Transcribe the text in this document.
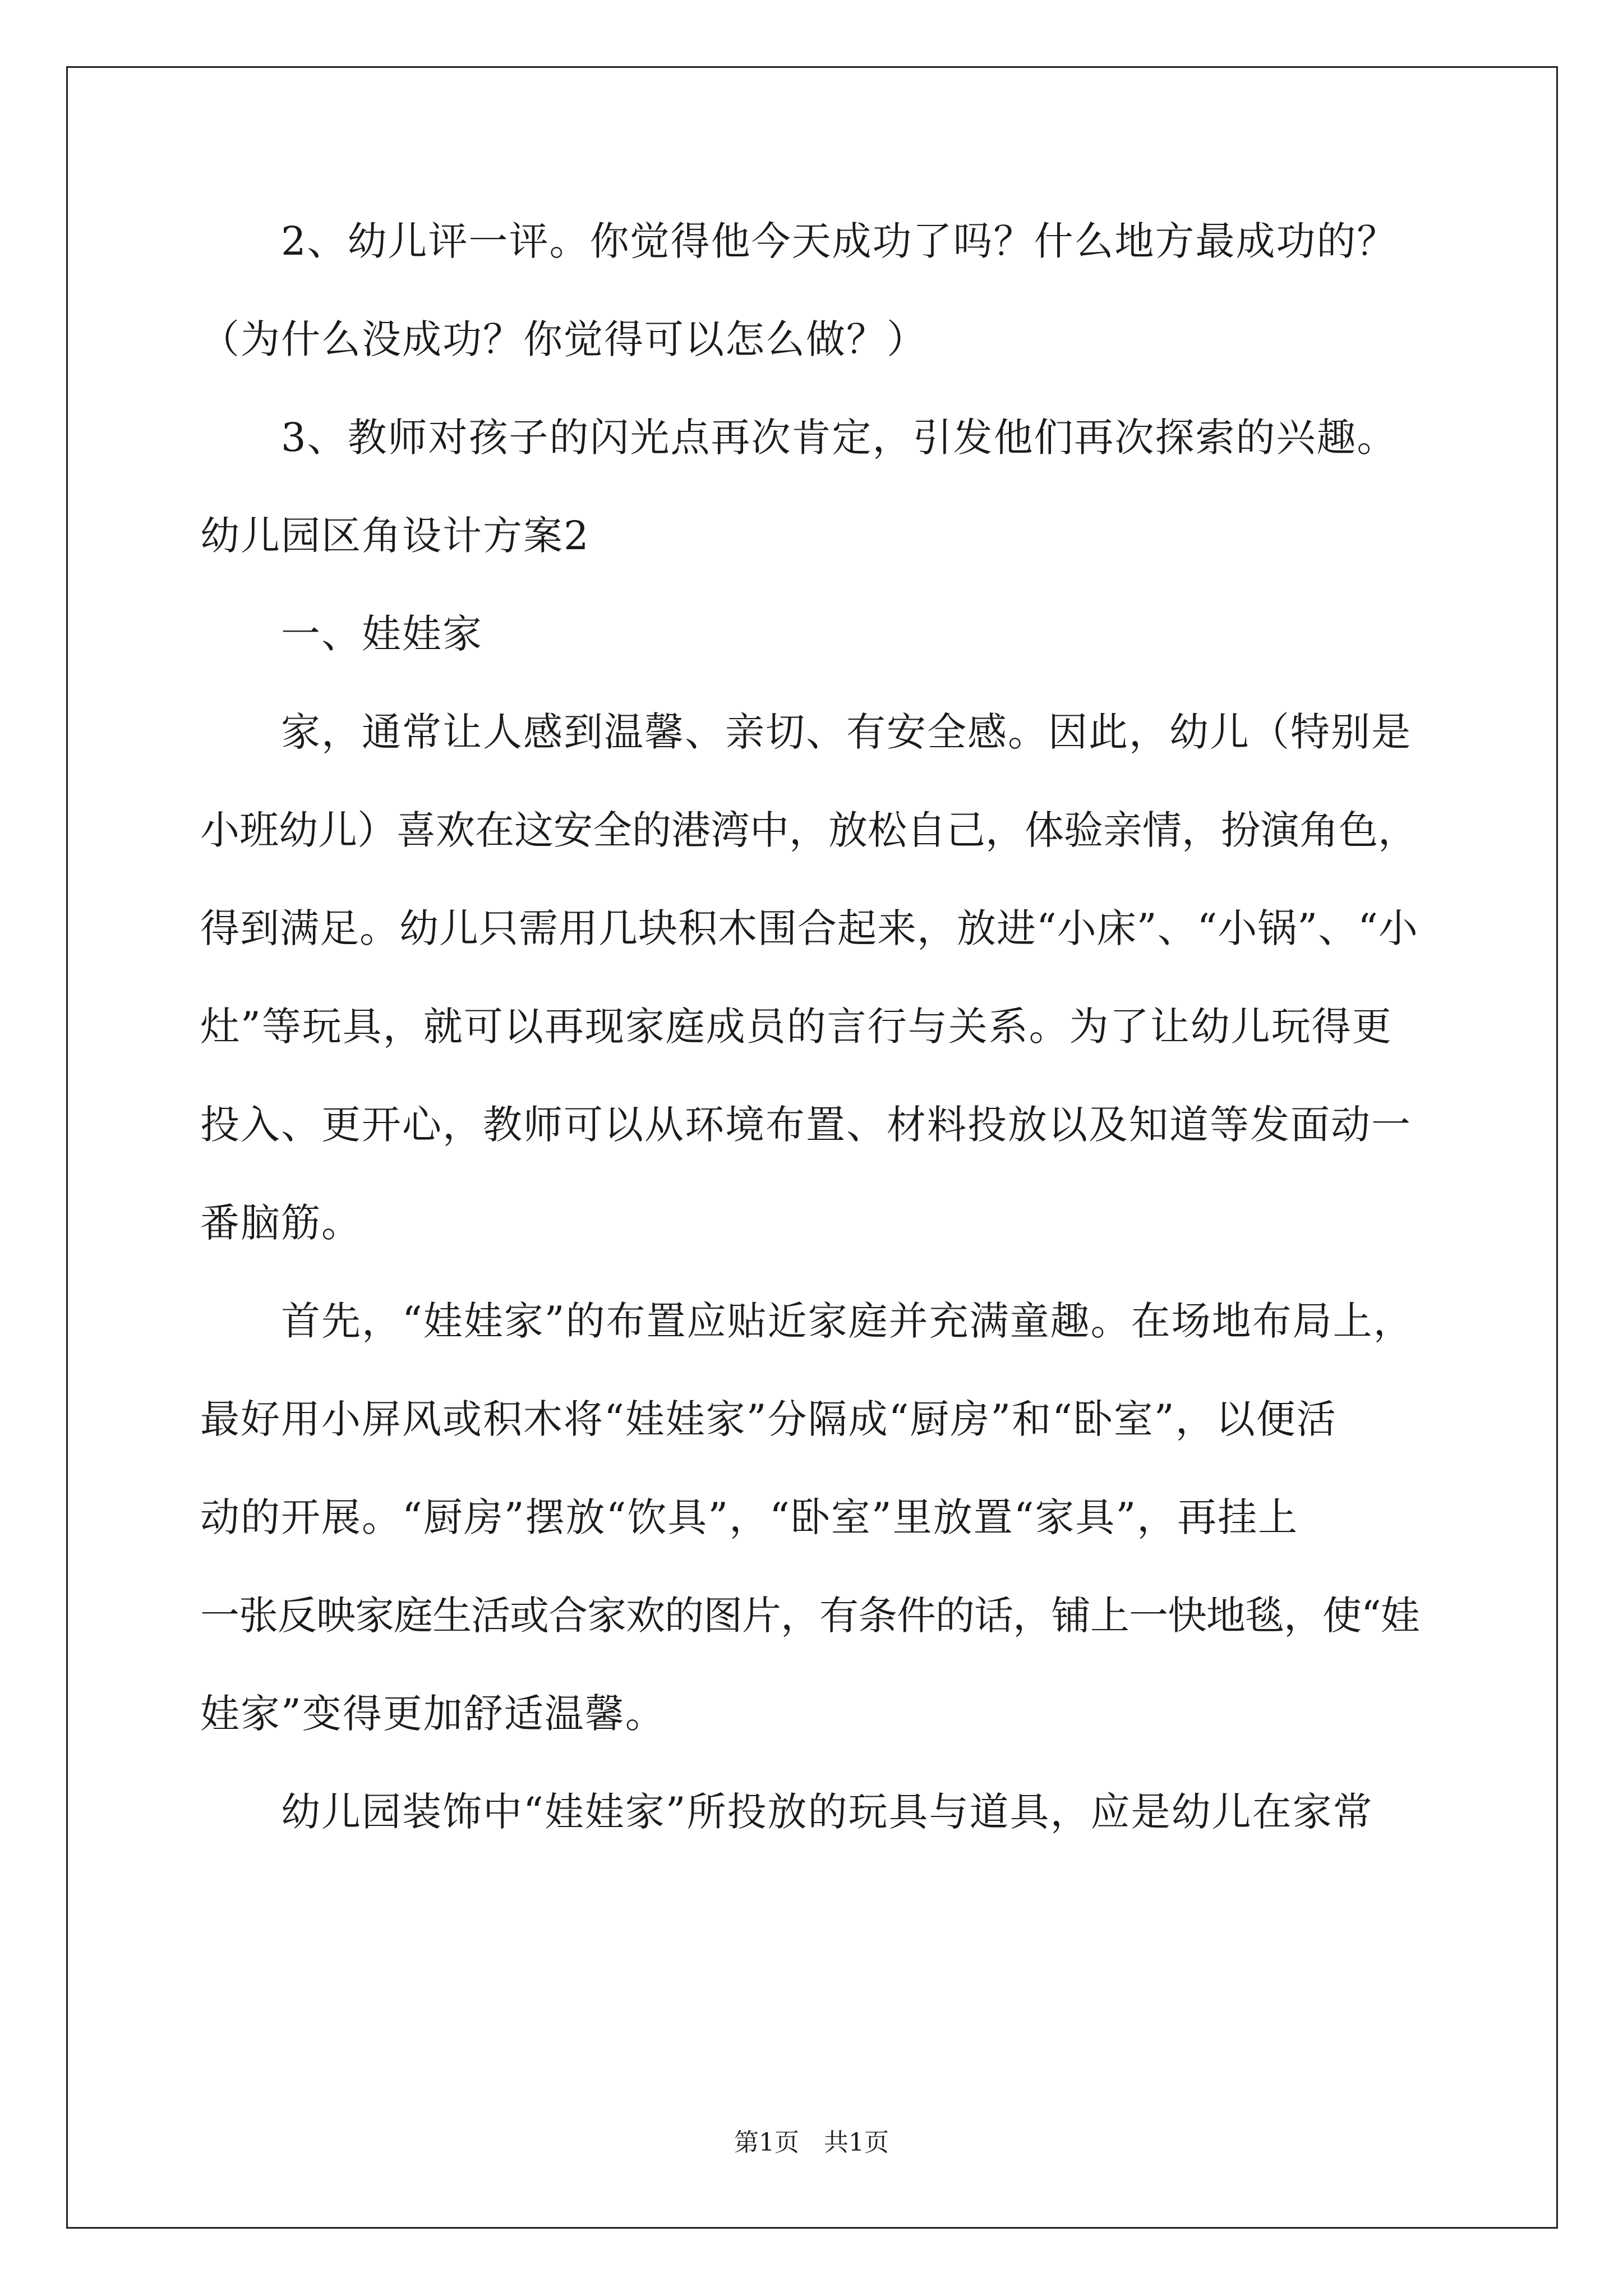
　　2、幼儿评一评。你觉得他今天成功了吗？什么地方最成功的？
（为什么没成功？你觉得可以怎么做？）
　　3、教师对孩子的闪光点再次肯定，引发他们再次探索的兴趣。
幼儿园区角设计方案2
　　一、娃娃家
　　家，通常让人感到温馨、亲切、有安全感。因此，幼儿（特别是
小班幼儿）喜欢在这安全的港湾中，放松自己，体验亲情，扮演角色，
得到满足。幼儿只需用几块积木围合起来，放进“小床”、“小锅”、“小
灶”等玩具，就可以再现家庭成员的言行与关系。为了让幼儿玩得更
投入、更开心，教师可以从环境布置、材料投放以及知道等发面动一
番脑筋。
　　首先，“娃娃家”的布置应贴近家庭并充满童趣。在场地布局上，
最好用小屏风或积木将“娃娃家”分隔成“厨房”和“卧室”，以便活
动的开展。“厨房”摆放“饮具”，“卧室”里放置“家具”，再挂上
一张反映家庭生活或合家欢的图片，有条件的话，铺上一快地毯，使“娃
娃家”变得更加舒适温馨。
　　幼儿园装饰中“娃娃家”所投放的玩具与道具，应是幼儿在家常
第1页　共1页
